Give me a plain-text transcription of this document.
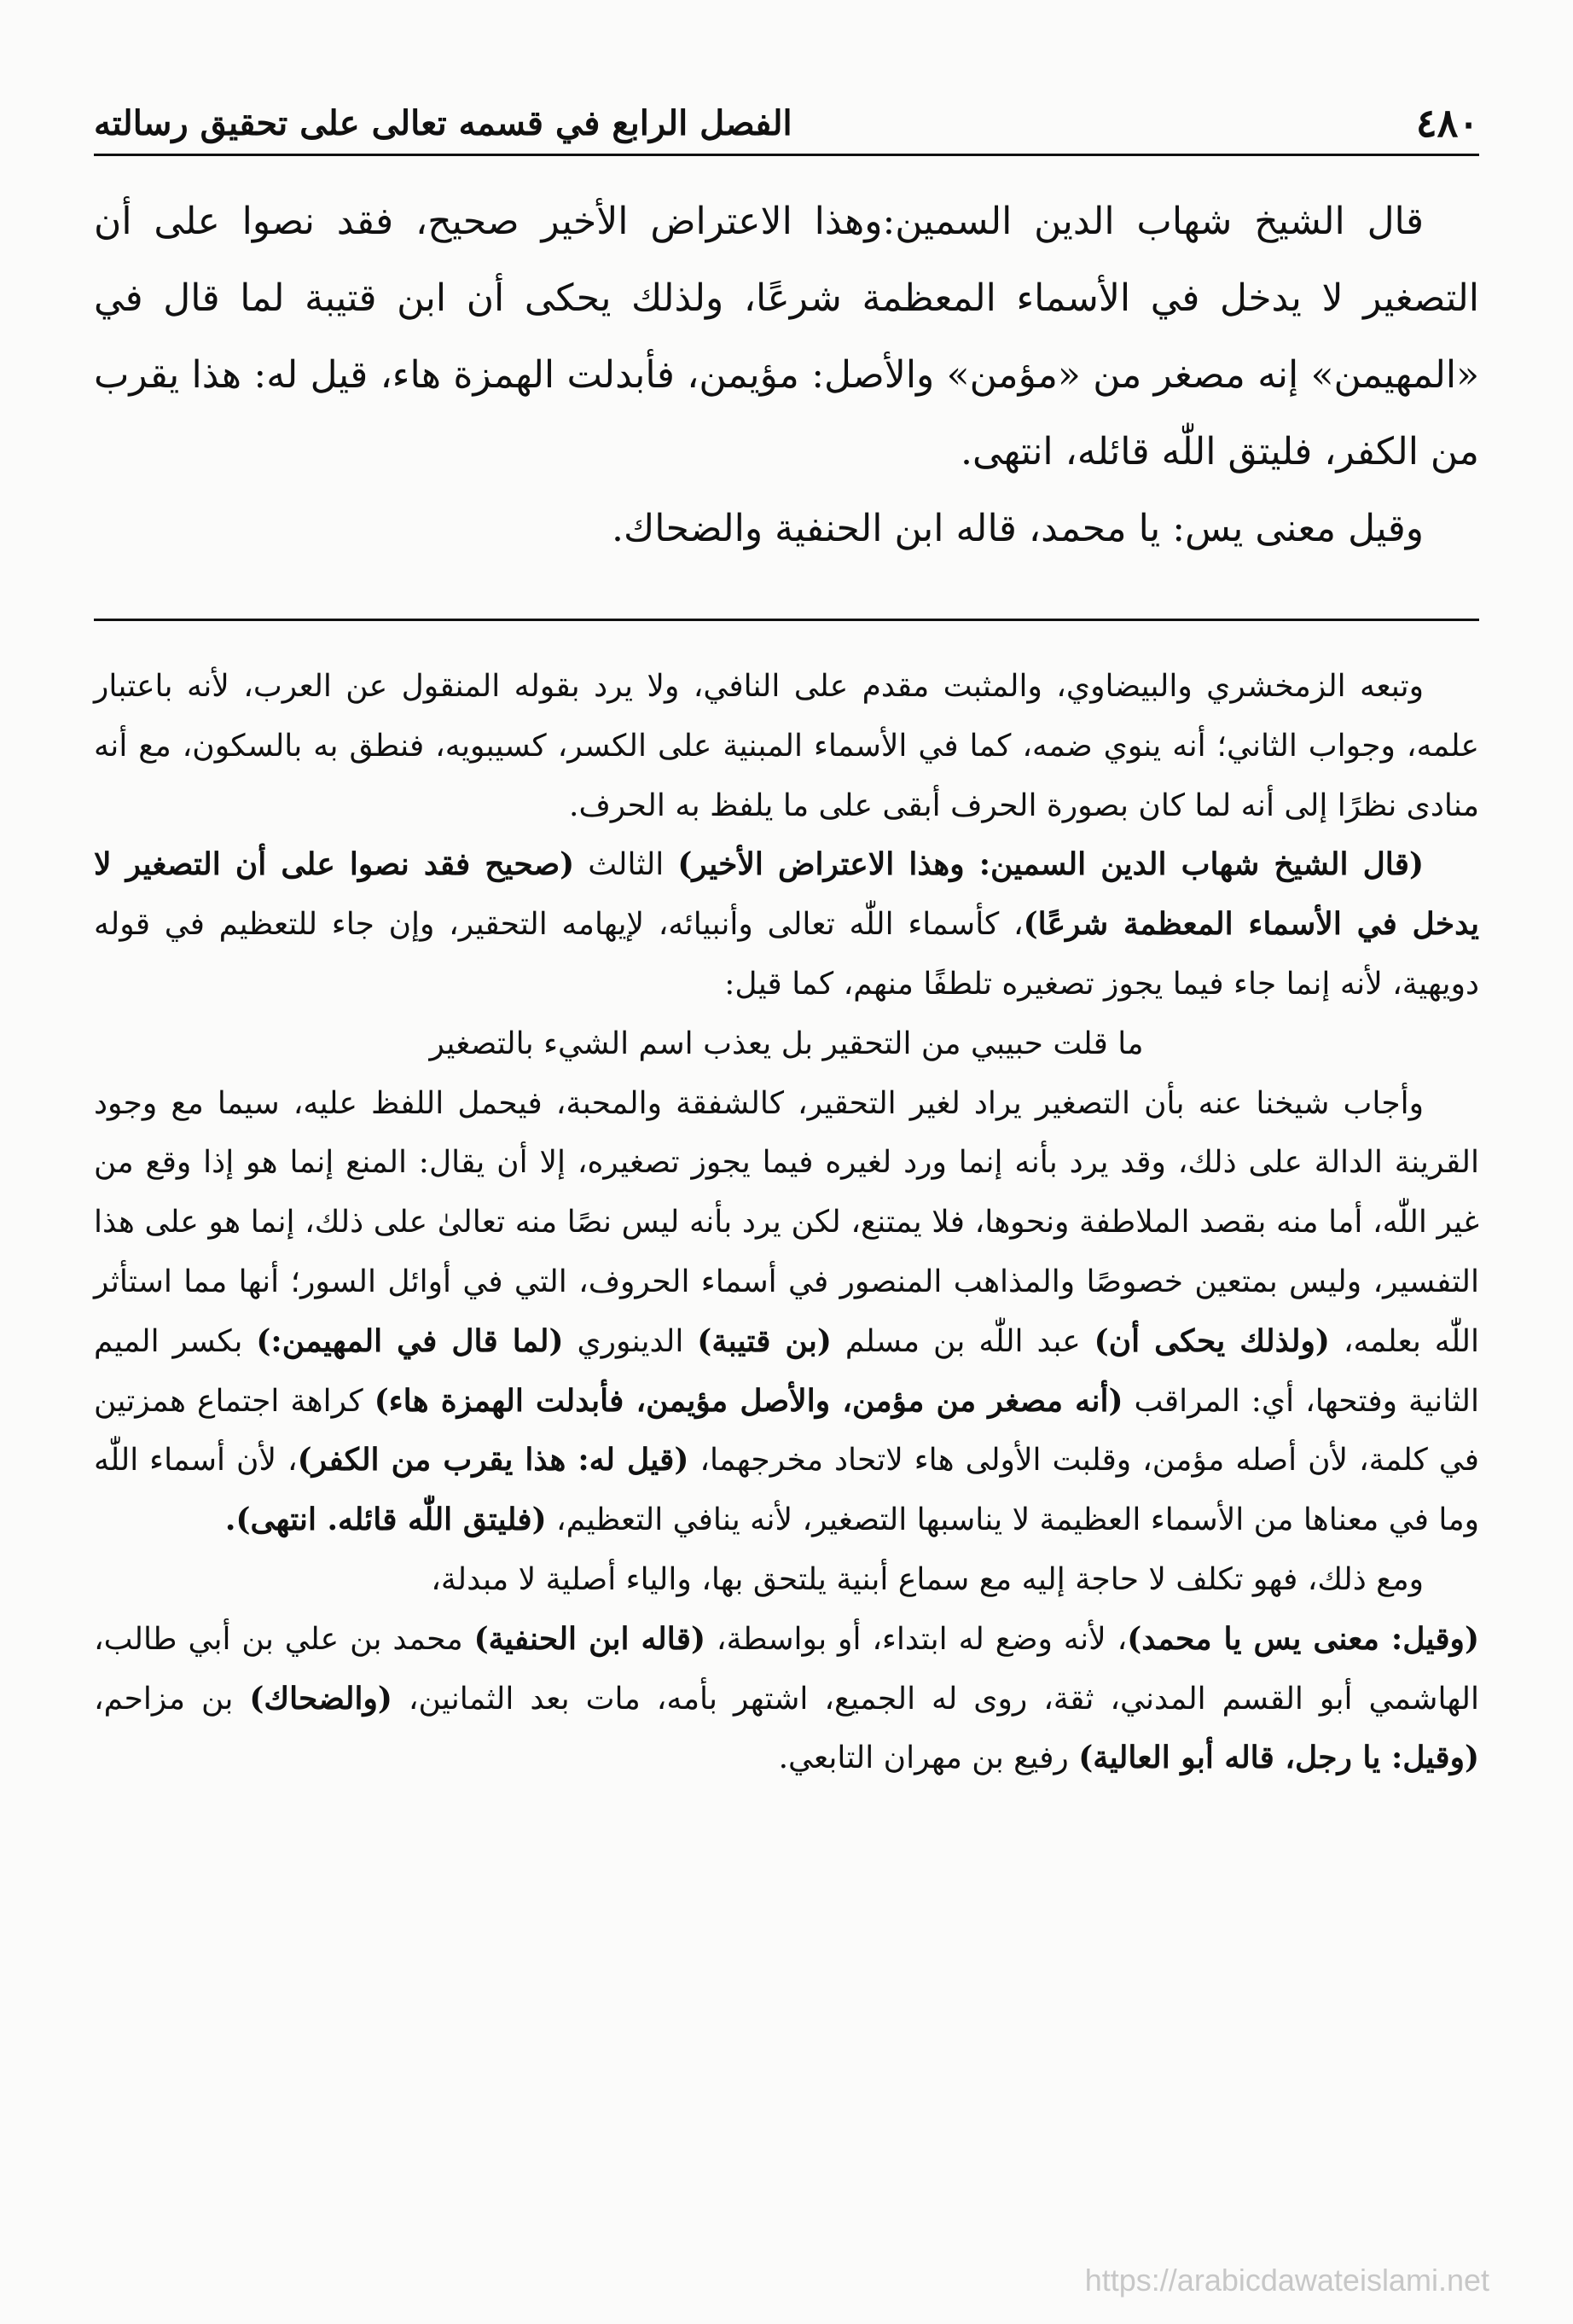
٤٨٠
الفصل الرابع في قسمه تعالى على تحقيق رسالته

قال الشيخ شهاب الدين السمين:وهذا الاعتراض الأخير صحيح، فقد نصوا على أن التصغير لا يدخل في الأسماء المعظمة شرعًا، ولذلك يحكى أن ابن قتيبة لما قال في «المهيمن» إنه مصغر من «مؤمن» والأصل: مؤيمن، فأبدلت الهمزة هاء، قيل له: هذا يقرب من الكفر، فليتق اللّٰه قائله، انتهى.

وقيل معنى يس: يا محمد، قاله ابن الحنفية والضحاك.

وتبعه الزمخشري والبيضاوي، والمثبت مقدم على النافي، ولا يرد بقوله المنقول عن العرب، لأنه باعتبار علمه، وجواب الثاني؛ أنه ينوي ضمه، كما في الأسماء المبنية على الكسر، كسيبويه، فنطق به بالسكون، مع أنه منادى نظرًا إلى أنه لما كان بصورة الحرف أبقى على ما يلفظ به الحرف.

(قال الشيخ شهاب الدين السمين: وهذا الاعتراض الأخير) الثالث (صحيح فقد نصوا على أن التصغير لا يدخل في الأسماء المعظمة شرعًا)، كأسماء اللّٰه تعالى وأنبيائه، لإيهامه التحقير، وإن جاء للتعظيم في قوله دويهية، لأنه إنما جاء فيما يجوز تصغيره تلطفًا منهم، كما قيل:

ما قلت حبيبي من التحقير بل يعذب اسم الشيء بالتصغير

وأجاب شيخنا عنه بأن التصغير يراد لغير التحقير، كالشفقة والمحبة، فيحمل اللفظ عليه، سيما مع وجود القرينة الدالة على ذلك، وقد يرد بأنه إنما ورد لغيره فيما يجوز تصغيره، إلا أن يقال: المنع إنما هو إذا وقع من غير اللّٰه، أما منه بقصد الملاطفة ونحوها، فلا يمتنع، لكن يرد بأنه ليس نصًا منه تعالىٰ على ذلك، إنما هو على هذا التفسير، وليس بمتعين خصوصًا والمذاهب المنصور في أسماء الحروف، التي في أوائل السور؛ أنها مما استأثر اللّٰه بعلمه، (ولذلك يحكى أن) عبد اللّٰه بن مسلم (بن قتيبة) الدينوري (لما قال في المهيمن:) بكسر الميم الثانية وفتحها، أي: المراقب (أنه مصغر من مؤمن، والأصل مؤيمن، فأبدلت الهمزة هاء) كراهة اجتماع همزتين في كلمة، لأن أصله مؤمن، وقلبت الأولى هاء لاتحاد مخرجهما، (قيل له: هذا يقرب من الكفر)، لأن أسماء اللّٰه وما في معناها من الأسماء العظيمة لا يناسبها التصغير، لأنه ينافي التعظيم، (فليتق اللّٰه قائله. انتهى).

ومع ذلك، فهو تكلف لا حاجة إليه مع سماع أبنية يلتحق بها، والياء أصلية لا مبدلة،

(وقيل: معنى يس يا محمد)، لأنه وضع له ابتداء، أو بواسطة، (قاله ابن الحنفية) محمد بن علي بن أبي طالب، الهاشمي أبو القسم المدني، ثقة، روى له الجميع، اشتهر بأمه، مات بعد الثمانين، (والضحاك) بن مزاحم، (وقيل: يا رجل، قاله أبو العالية) رفيع بن مهران التابعي.

https://arabicdawateislami.net
